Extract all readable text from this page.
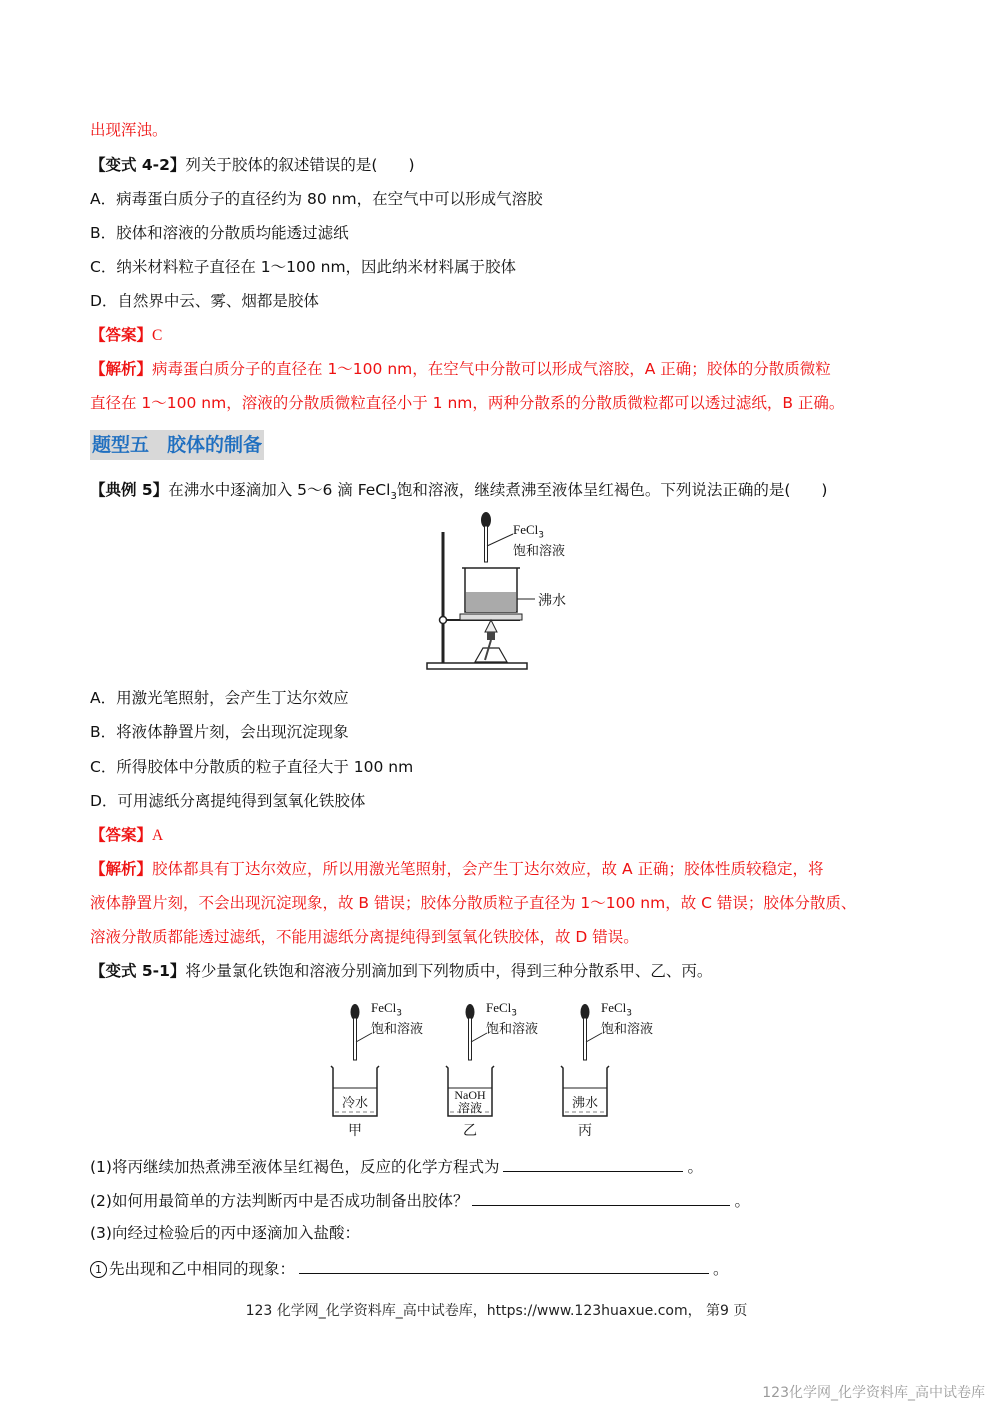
出现浑浊。
【变式 4-2】列关于胶体的叙述错误的是(　　)
A．病毒蛋白质分子的直径约为 80 nm，在空气中可以形成气溶胶
B．胶体和溶液的分散质均能透过滤纸
C．纳米材料粒子直径在 1～100 nm，因此纳米材料属于胶体
D．自然界中云、雾、烟都是胶体
【答案】C
【解析】病毒蛋白质分子的直径在 1～100 nm，在空气中分散可以形成气溶胶，A 正确；胶体的分散质微粒
直径在 1～100 nm，溶液的分散质微粒直径小于 1 nm，两种分散系的分散质微粒都可以透过滤纸，B 正确。
题型五 胶体的制备
【典例 5】在沸水中逐滴加入 5～6 滴 FeCl$_3$饱和溶液，继续煮沸至液体呈红褐色。下列说法正确的是(　　)
FeCl$_3$
饱和溶液
沸水
A．用激光笔照射，会产生丁达尔效应
B．将液体静置片刻，会出现沉淀现象
C．所得胶体中分散质的粒子直径大于 100 nm
D．可用滤纸分离提纯得到氢氧化铁胶体
【答案】A
【解析】胶体都具有丁达尔效应，所以用激光笔照射，会产生丁达尔效应，故 A 正确；胶体性质较稳定，将
液体静置片刻，不会出现沉淀现象，故 B 错误；胶体分散质粒子直径为 1～100 nm，故 C 错误；胶体分散质、
溶液分散质都能透过滤纸，不能用滤纸分离提纯得到氢氧化铁胶体，故 D 错误。
【变式 5-1】将少量氯化铁饱和溶液分别滴加到下列物质中，得到三种分散系甲、乙、丙。
FeCl$_3$
饱和溶液
冷水
甲
FeCl$_3$
饱和溶液
NaOH
溶液
乙
FeCl$_3$
饱和溶液
沸水
丙
(1)将丙继续加热煮沸至液体呈红褐色，反应的化学方程式为	。
(2)如何用最简单的方法判断丙中是否成功制备出胶体？	。
(3)向经过检验后的丙中逐滴加入盐酸：
1 先出现和乙中相同的现象：	。
123 化学网_化学资料库_高中试卷库，https://www.123huaxue.com， 第9 页
123化学网_化学资料库_高中试卷库
